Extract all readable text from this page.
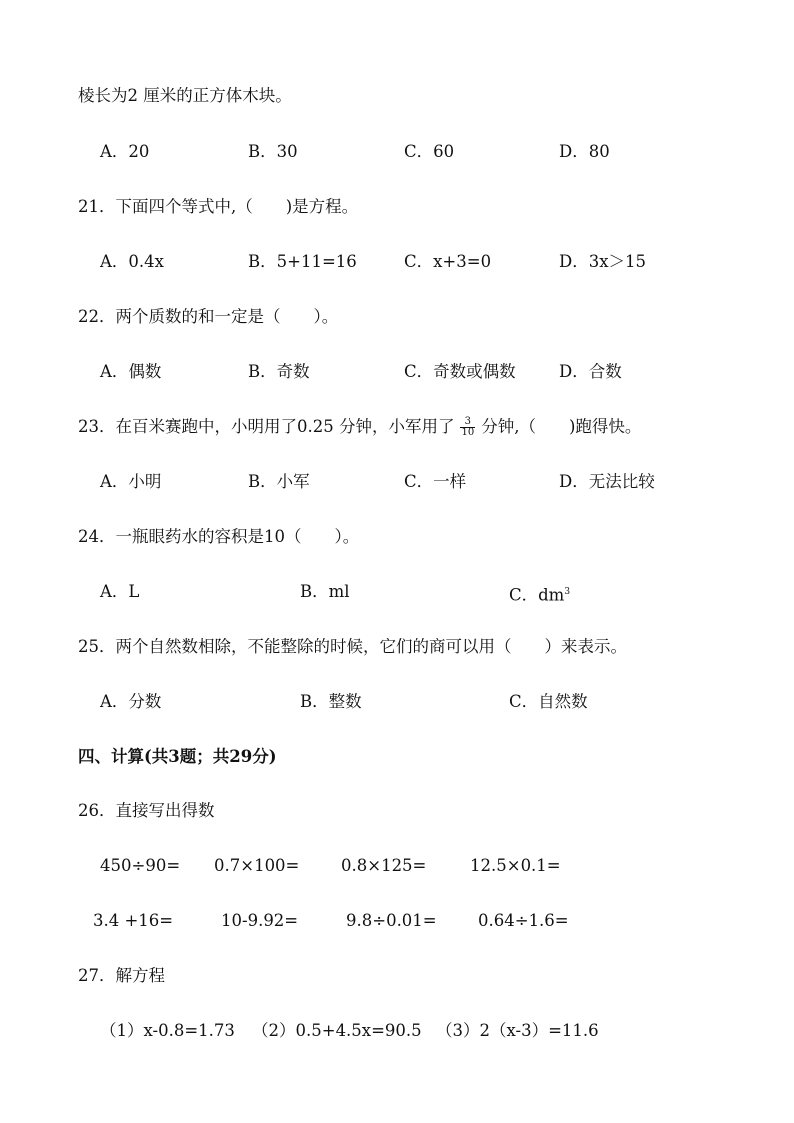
棱长为2 厘米的正方体木块。
A．20	B．30	C．60	D．80
21．下面四个等式中,（　　)是方程。
A．0.4x	B．5+11=16	C．x+3=0	D．3x＞15
22．两个质数的和一定是（　　）。
A．偶数	B．奇数	C．奇数或偶数	D．合数
23．在百米赛跑中，小明用了0.25 分钟，小军用了 $\frac{3}{10}$ 分钟,（　　)跑得快。
A．小明	B．小军	C．一样	D．无法比较
24．一瓶眼药水的容积是10（　　）。
A．L	B．ml	C．$dm^3$
25．两个自然数相除，不能整除的时候，它们的商可以用（　　）来表示。
A．分数	B．整数	C．自然数
四、计算(共3题；共29分)
26．直接写出得数
450÷90= 0.7×100=	0.8×125=	12.5×0.1=
3.4 +16=	10-9.92=	9.8÷0.01=	0.64÷1.6=
27．解方程
（1）x-0.8=1.73 （2）0.5+4.5x=90.5 （3）2（x-3）=11.6
